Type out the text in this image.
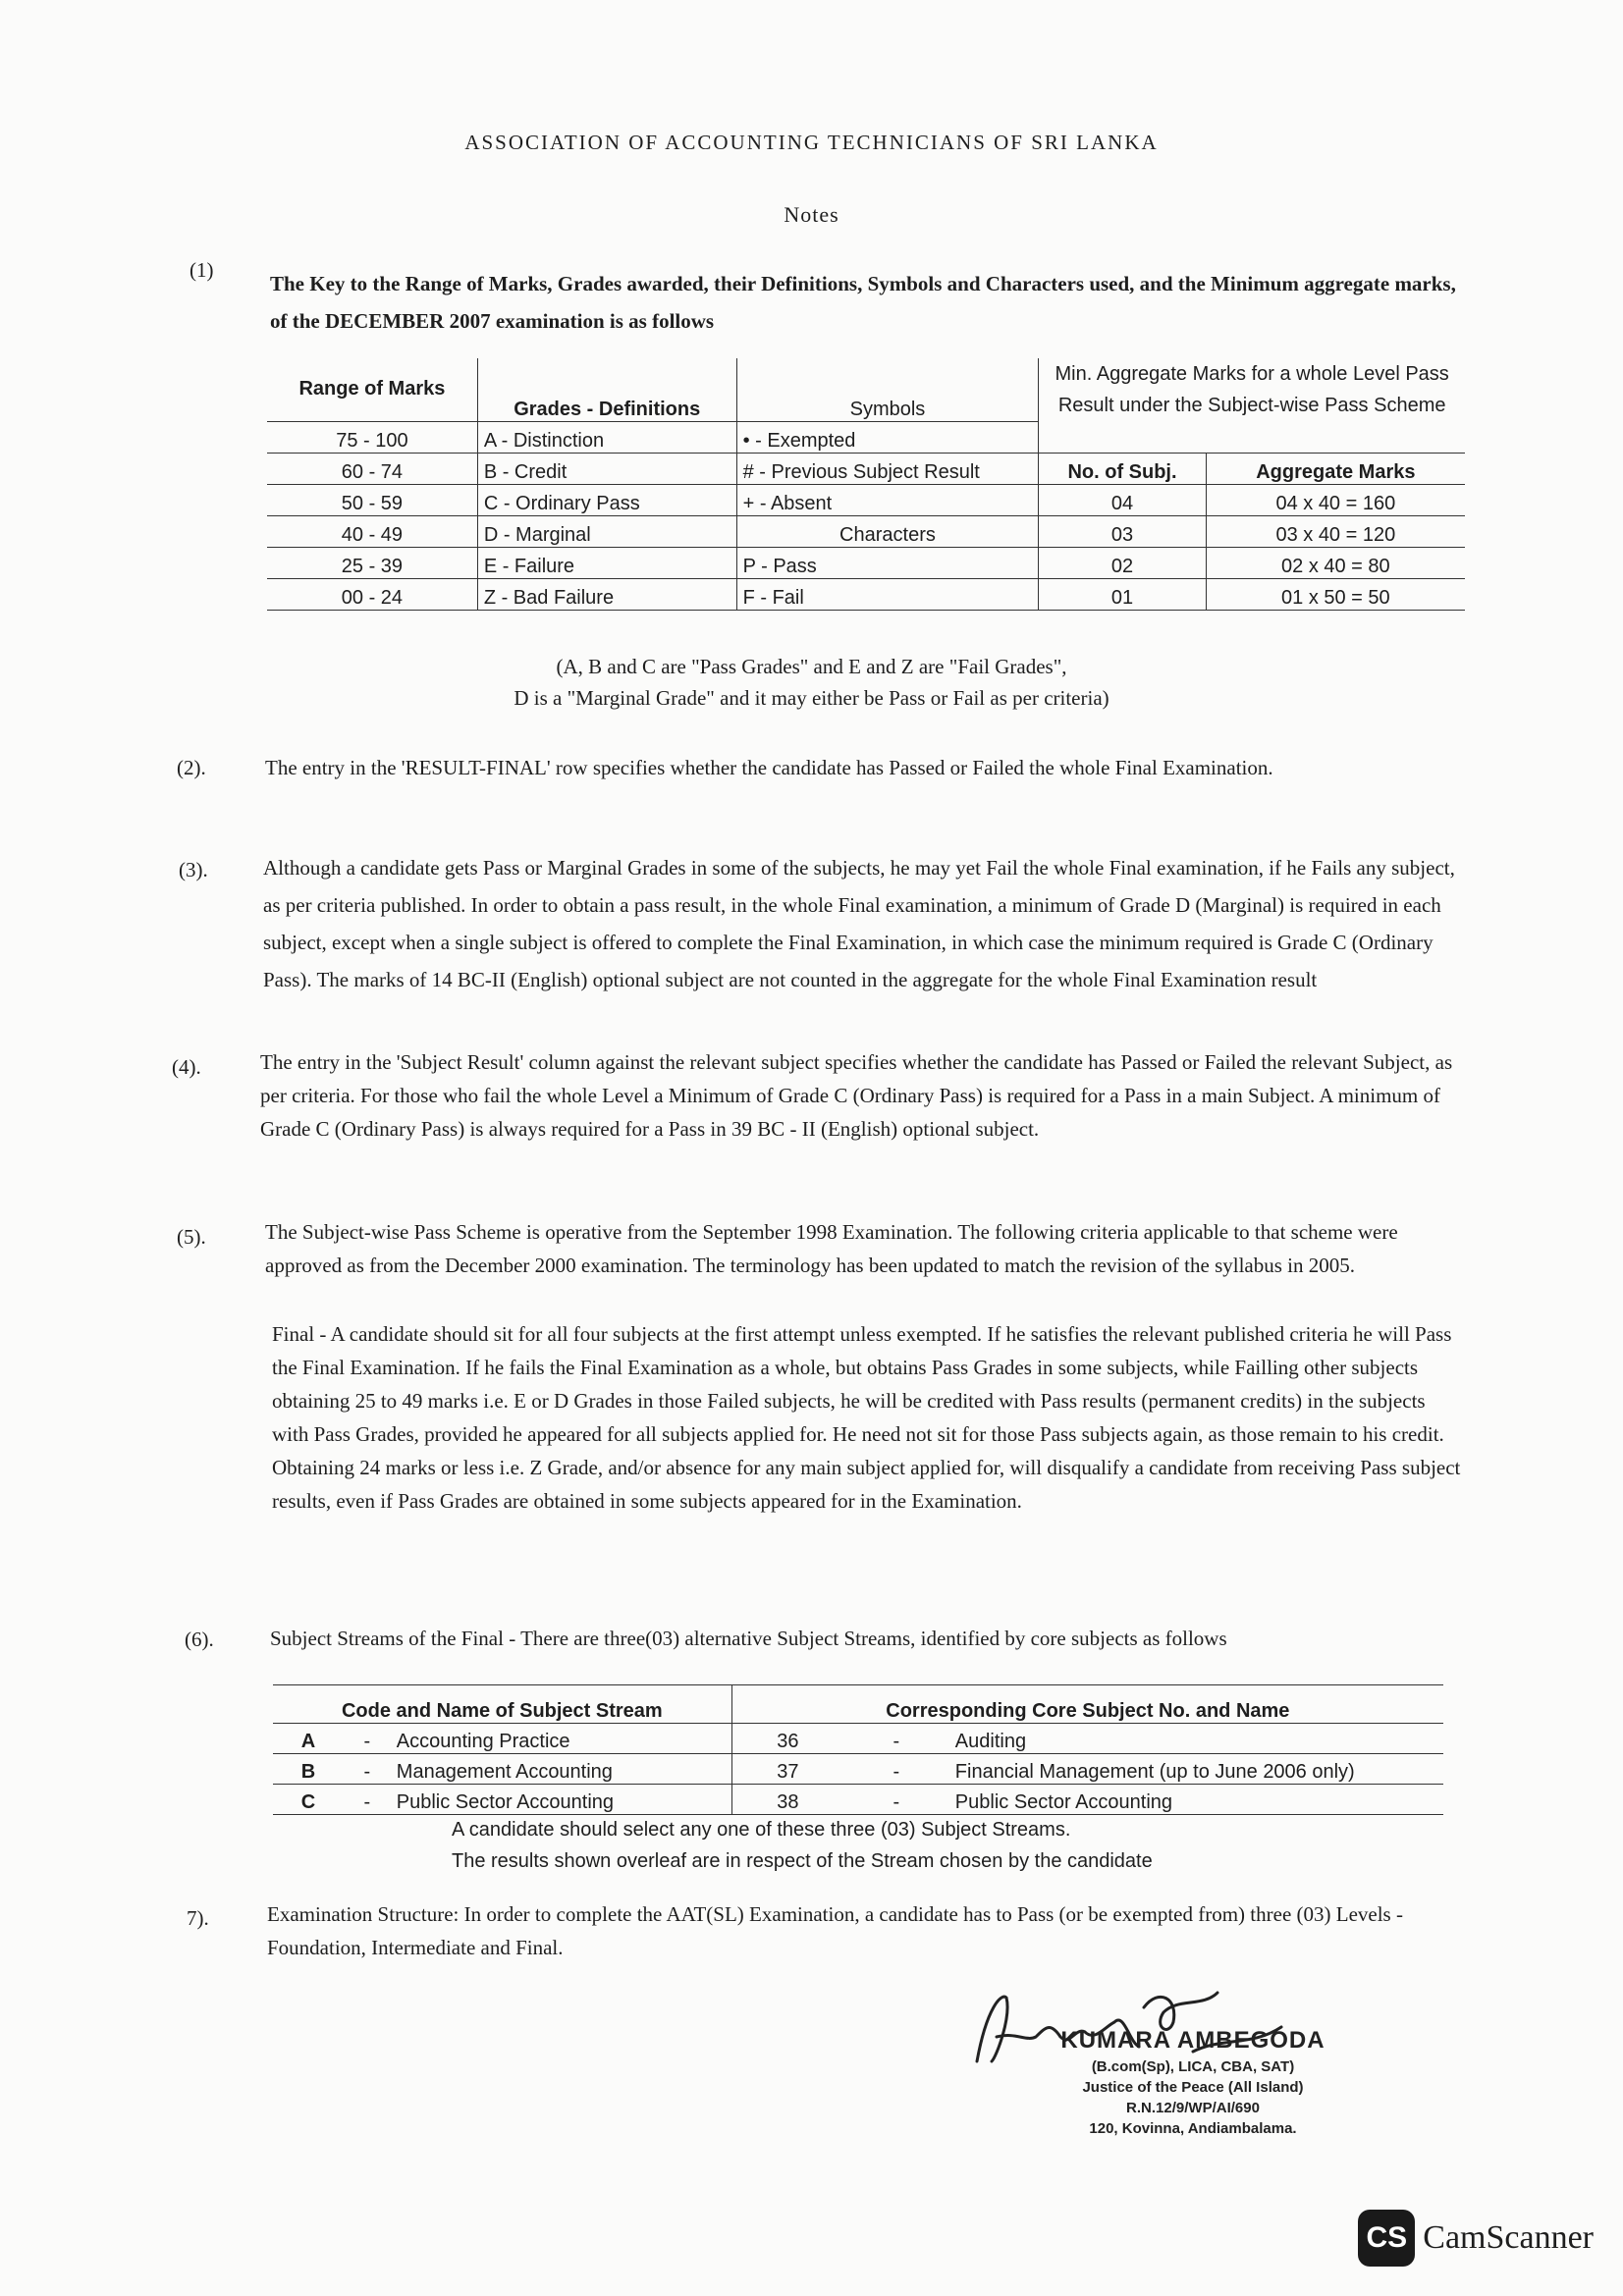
ASSOCIATION OF ACCOUNTING TECHNICIANS OF SRI LANKA
Notes
(1)
The Key to the Range of Marks, Grades awarded, their Definitions, Symbols and Characters used, and the Minimum aggregate marks, of the DECEMBER 2007 examination is as follows
Range of Marks	Grades - Definitions	Symbols	Min. Aggregate Marks for a whole Level Pass Result under the Subject-wise Pass Scheme	

75 - 100	A - Distinction	• - Exempted		
60 - 74	B - Credit	# - Previous Subject Result	No. of Subj.	Aggregate Marks
50 - 59	C - Ordinary Pass	+ - Absent	04	04 x 40 = 160
40 - 49	D - Marginal	Characters	03	03 x 40 = 120
25 - 39	E - Failure	P - Pass	02	02 x 40 = 80
00 - 24	Z - Bad Failure	F - Fail	01	01 x 50 = 50
(A, B and C are "Pass Grades" and E and Z are "Fail Grades",
D is a "Marginal Grade" and it may either be Pass or Fail as per criteria)
(2).	The entry in the 'RESULT-FINAL' row specifies whether the candidate has Passed or Failed the whole Final Examination.
(3).	Although a candidate gets Pass or Marginal Grades in some of the subjects, he may yet Fail the whole Final examination, if he Fails any subject, as per criteria published. In order to obtain a pass result, in the whole Final examination, a minimum of Grade D (Marginal) is required in each subject, except when a single subject is offered to complete the Final Examination, in which case the minimum required is Grade C (Ordinary Pass). The marks of 14 BC-II (English) optional subject are not counted in the aggregate for the whole Final Examination result
(4).	The entry in the 'Subject Result' column against the relevant subject specifies whether the candidate has Passed or Failed the relevant Subject, as per criteria. For those who fail the whole Level a Minimum of Grade C (Ordinary Pass) is required for a Pass in a main Subject. A minimum of Grade C (Ordinary Pass) is always required for a Pass in 39 BC - II (English) optional subject.
(5).	The Subject-wise Pass Scheme is operative from the September 1998 Examination. The following criteria applicable to that scheme were approved as from the December 2000 examination. The terminology has been updated to match the revision of the syllabus in 2005.
Final - A candidate should sit for all four subjects at the first attempt unless exempted. If he satisfies the relevant published criteria he will Pass the Final Examination. If he fails the Final Examination as a whole, but obtains Pass Grades in some subjects, while Failling other subjects obtaining 25 to 49 marks i.e. E or D Grades in those Failed subjects, he will be credited with Pass results (permanent credits) in the subjects with Pass Grades, provided he appeared for all subjects applied for. He need not sit for those Pass subjects again, as those remain to his credit. Obtaining 24 marks or less i.e. Z Grade, and/or absence for any main subject applied for, will disqualify a candidate from receiving Pass subject results, even if Pass Grades are obtained in some subjects appeared for in the Examination.
(6).	Subject Streams of the Final - There are three(03) alternative Subject Streams, identified by core subjects as follows
Code and Name of Subject Stream			Corresponding Core Subject No. and Name		
A	-	Accounting Practice	36	-	Auditing
B	-	Management Accounting	37	-	Financial Management (up to June 2006 only)
C	-	Public Sector Accounting	38	-	Public Sector Accounting
A candidate should select any one of these three (03) Subject Streams.
The results shown overleaf are in respect of the Stream chosen by the candidate
7).	Examination Structure: In order to complete the AAT(SL) Examination, a candidate has to Pass (or be exempted from) three (03) Levels - Foundation, Intermediate and Final.
KUMARA AMBEGODA
(B.com(Sp), LICA, CBA, SAT)
Justice of the Peace (All Island)
R.N.12/9/WP/AI/690
120, Kovinna, Andiambalama.
CS CamScanner
